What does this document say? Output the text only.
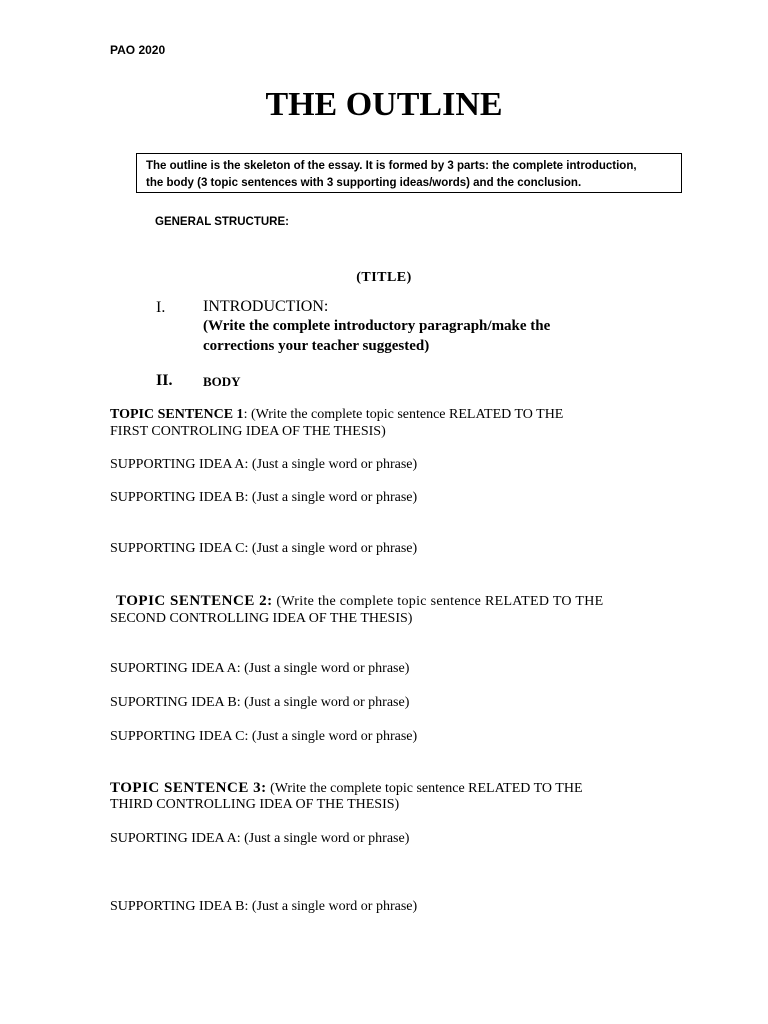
PAO 2020
THE OUTLINE

The outline is the skeleton of the essay. It is formed by 3 parts: the complete introduction,

the body (3 topic sentences with 3 supporting ideas/words) and the conclusion.

GENERAL STRUCTURE:
(TITLE)
I. INTRODUCTION:
(Write the complete introductory paragraph/make the
corrections your teacher suggested)
II. BODY
TOPIC SENTENCE 1: (Write the complete topic sentence RELATED TO THE
FIRST CONTROLING IDEA OF THE THESIS)
SUPPORTING IDEA A: (Just a single word or phrase)
SUPPORTING IDEA B: (Just a single word or phrase)
SUPPORTING IDEA C: (Just a single word or phrase)
TOPIC SENTENCE 2: (Write the complete topic sentence RELATED TO THE
SECOND CONTROLLING IDEA OF THE THESIS)
SUPORTING IDEA A: (Just a single word or phrase)
SUPORTING IDEA B: (Just a single word or phrase)
SUPPORTING IDEA C: (Just a single word or phrase)
TOPIC SENTENCE 3: (Write the complete topic sentence RELATED TO THE
THIRD CONTROLLING IDEA OF THE THESIS)
SUPORTING IDEA A: (Just a single word or phrase)
SUPPORTING IDEA B: (Just a single word or phrase)
